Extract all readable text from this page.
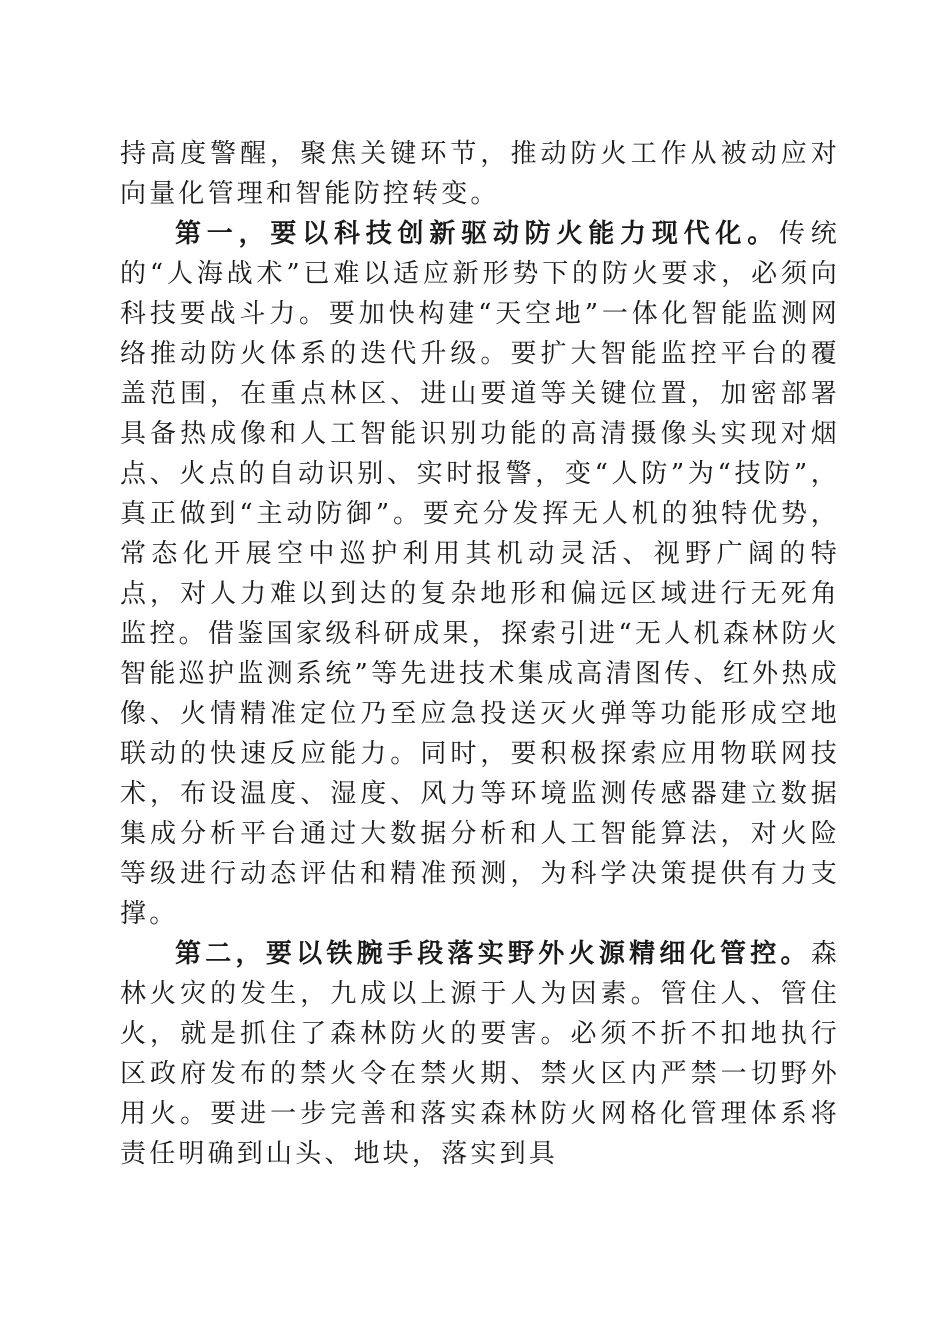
持高度警醒，聚焦关键环节，推动防火工作从被动应对向量化管理和智能防控转变。

第一，要以科技创新驱动防火能力现代化。传统的“人海战术”已难以适应新形势下的防火要求，必须向科技要战斗力。要加快构建“天空地”一体化智能监测网络推动防火体系的迭代升级。要扩大智能监控平台的覆盖范围，在重点林区、进山要道等关键位置，加密部署具备热成像和人工智能识别功能的高清摄像头实现对烟点、火点的自动识别、实时报警，变“人防”为“技防”，真正做到“主动防御”。要充分发挥无人机的独特优势，常态化开展空中巡护利用其机动灵活、视野广阔的特点，对人力难以到达的复杂地形和偏远区域进行无死角监控。借鉴国家级科研成果，探索引进“无人机森林防火智能巡护监测系统”等先进技术集成高清图传、红外热成像、火情精准定位乃至应急投送灭火弹等功能形成空地联动的快速反应能力。同时，要积极探索应用物联网技术，布设温度、湿度、风力等环境监测传感器建立数据集成分析平台通过大数据分析和人工智能算法，对火险等级进行动态评估和精准预测，为科学决策提供有力支撑。

第二，要以铁腕手段落实野外火源精细化管控。森林火灾的发生，九成以上源于人为因素。管住人、管住火，就是抓住了森林防火的要害。必须不折不扣地执行区政府发布的禁火令在禁火期、禁火区内严禁一切野外用火。要进一步完善和落实森林防火网格化管理体系将责任明确到山头、地块，落实到具
